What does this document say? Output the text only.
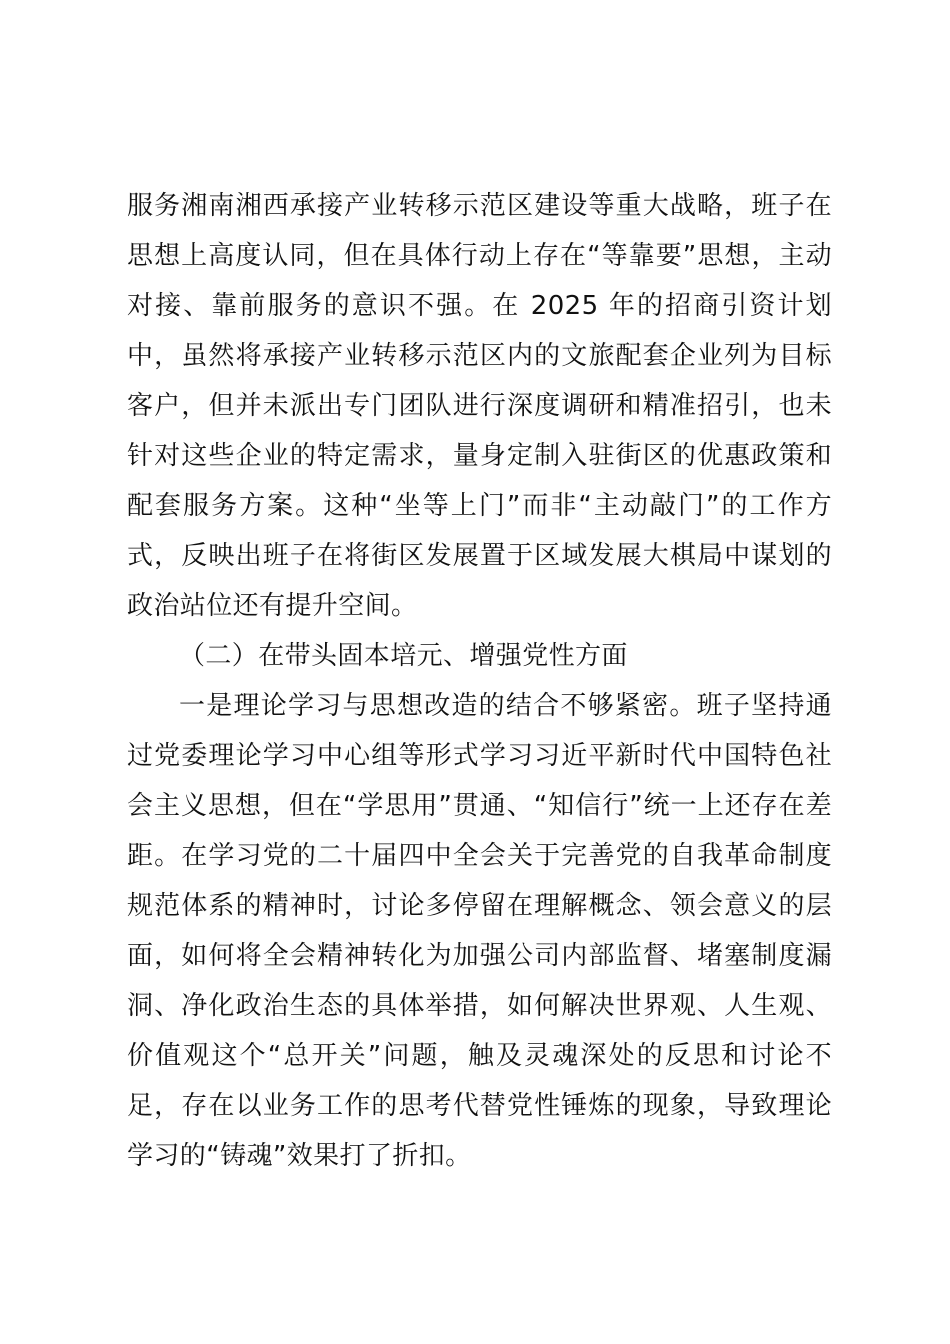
服务湘南湘西承接产业转移示范区建设等重大战略，班子在思想上高度认同，但在具体行动上存在“等靠要”思想，主动对接、靠前服务的意识不强。在 2025 年的招商引资计划中，虽然将承接产业转移示范区内的文旅配套企业列为目标客户，但并未派出专门团队进行深度调研和精准招引，也未针对这些企业的特定需求，量身定制入驻街区的优惠政策和配套服务方案。这种“坐等上门”而非“主动敲门”的工作方式，反映出班子在将街区发展置于区域发展大棋局中谋划的政治站位还有提升空间。

（二）在带头固本培元、增强党性方面

一是理论学习与思想改造的结合不够紧密。班子坚持通过党委理论学习中心组等形式学习习近平新时代中国特色社会主义思想，但在“学思用”贯通、“知信行”统一上还存在差距。在学习党的二十届四中全会关于完善党的自我革命制度规范体系的精神时，讨论多停留在理解概念、领会意义的层面，如何将全会精神转化为加强公司内部监督、堵塞制度漏洞、净化政治生态的具体举措，如何解决世界观、人生观、价值观这个“总开关”问题，触及灵魂深处的反思和讨论不足，存在以业务工作的思考代替党性锤炼的现象，导致理论学习的“铸魂”效果打了折扣。
